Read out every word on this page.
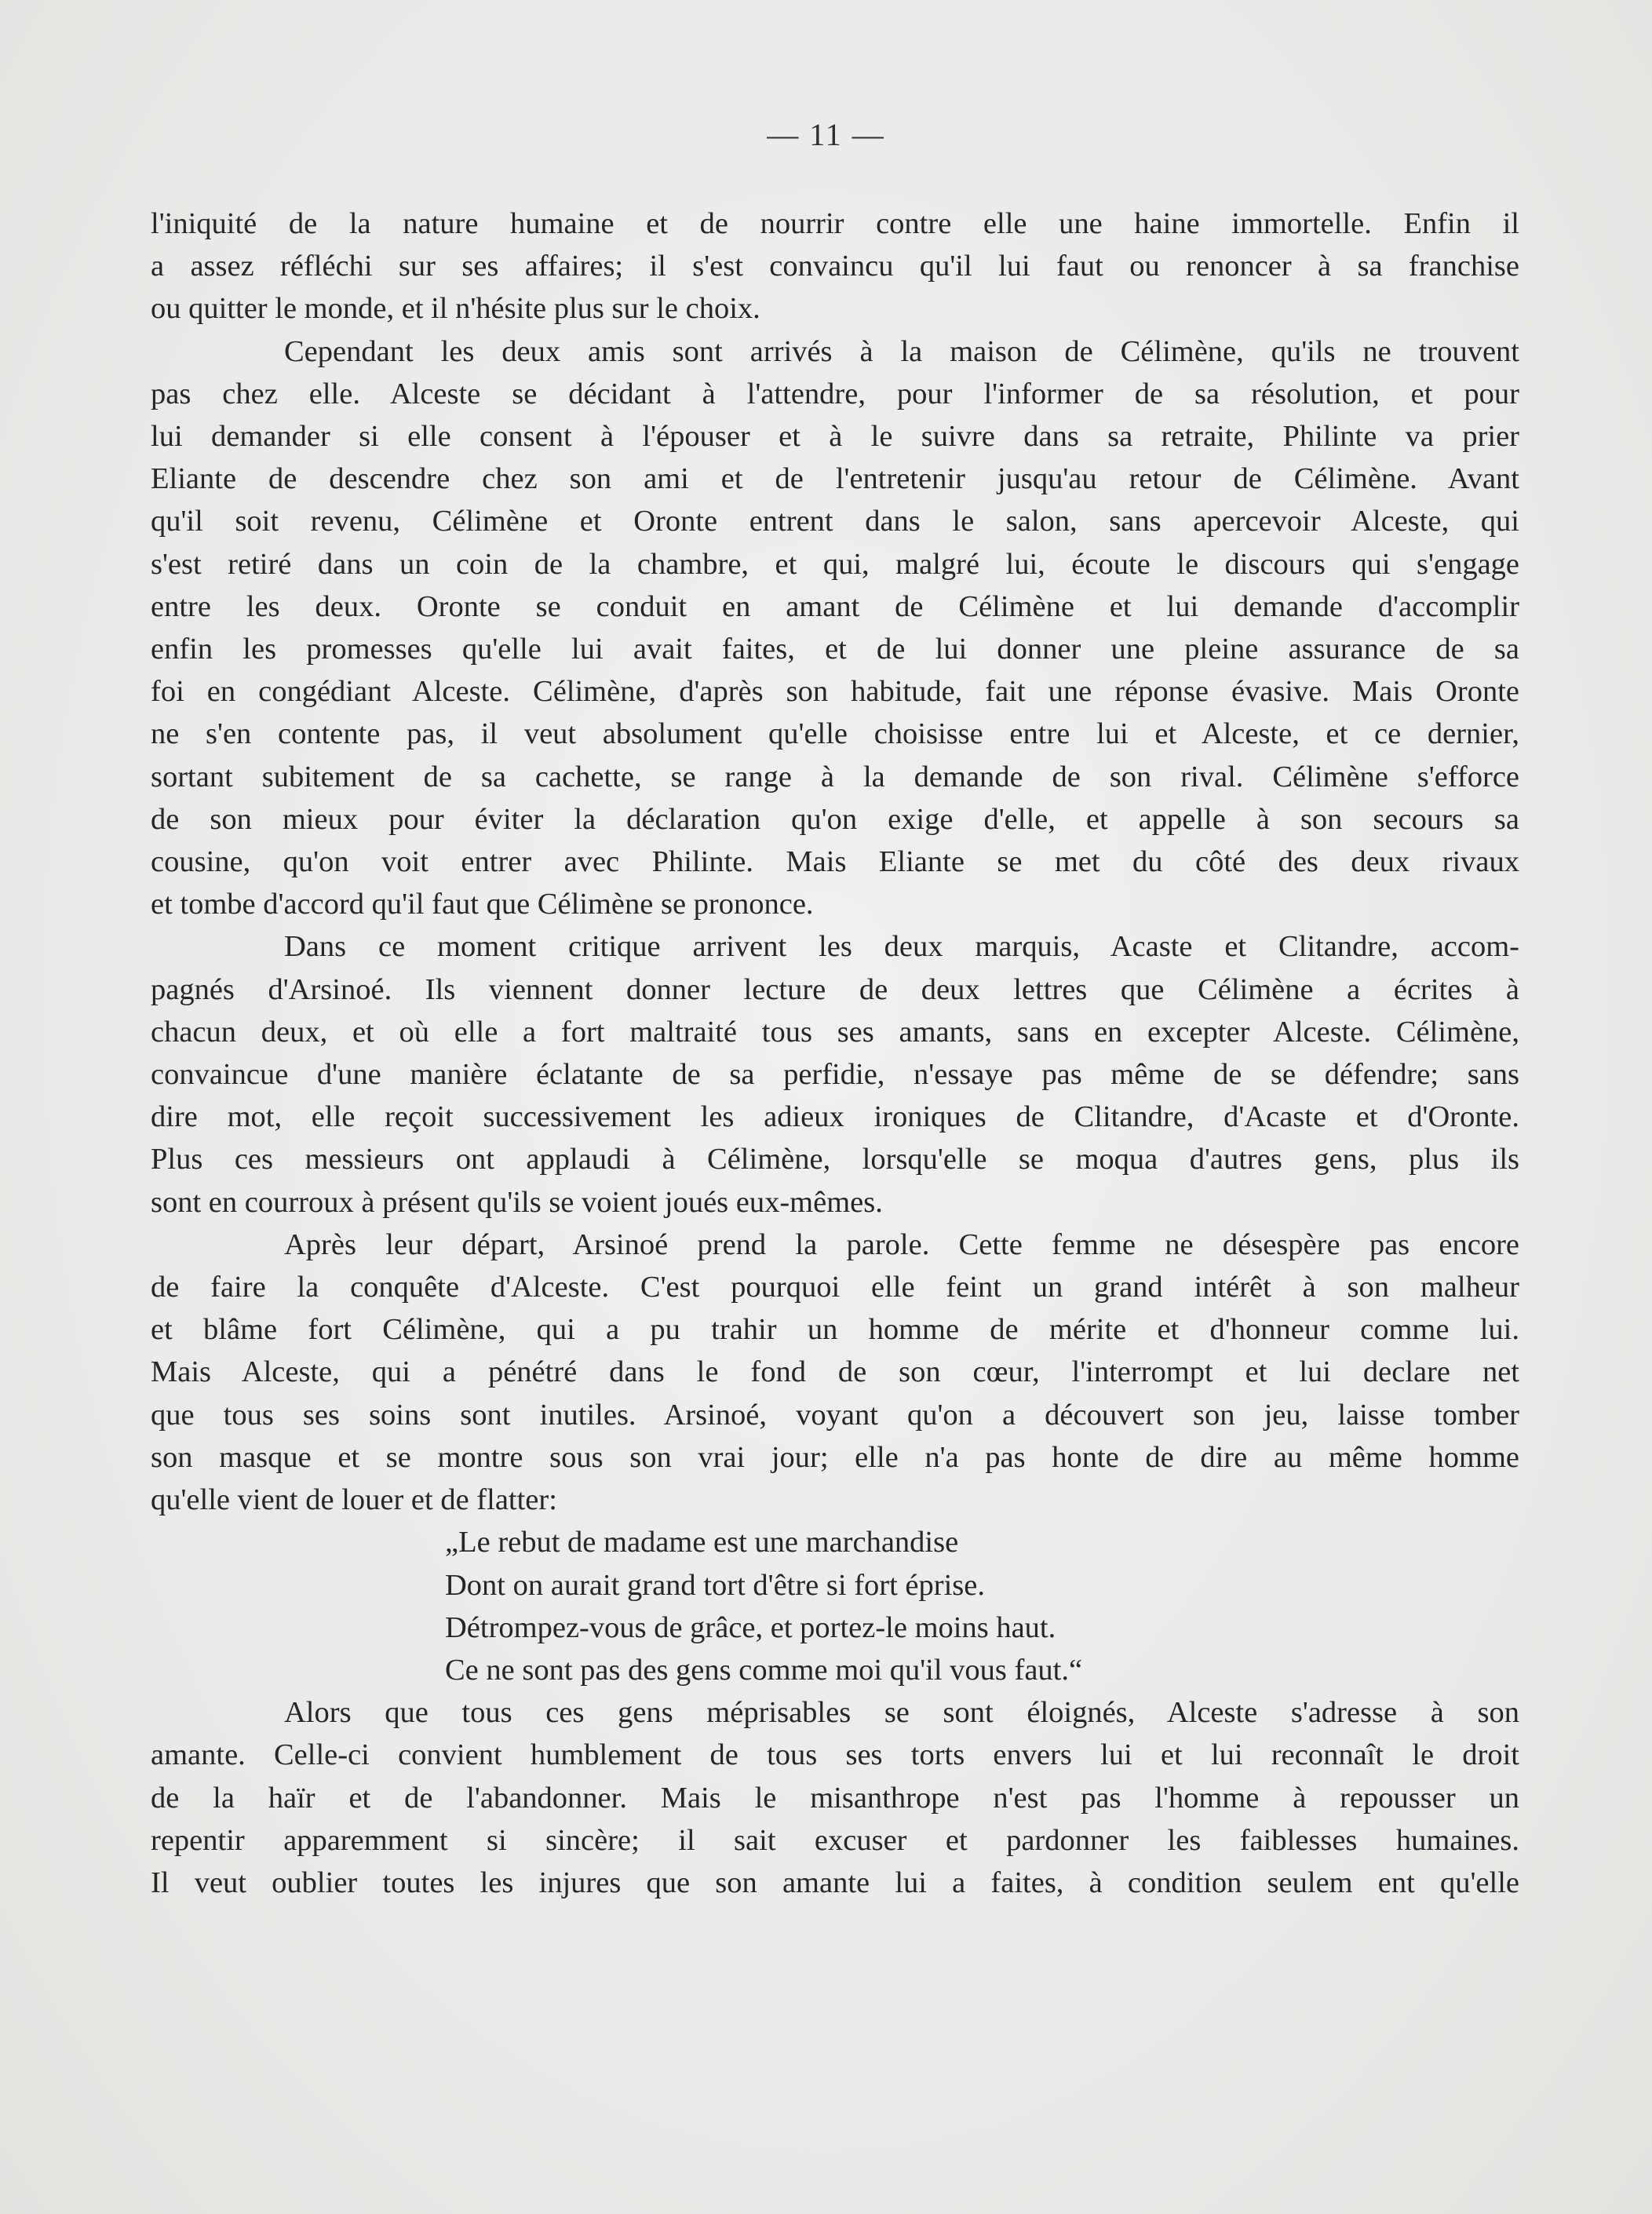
— 11 —
l'iniquité de la nature humaine et de nourrir contre elle une haine immortelle. Enfin il
a assez réfléchi sur ses affaires; il s'est convaincu qu'il lui faut ou renoncer à sa franchise
ou quitter le monde, et il n'hésite plus sur le choix.
Cependant les deux amis sont arrivés à la maison de Célimène, qu'ils ne trouvent
pas chez elle. Alceste se décidant à l'attendre, pour l'informer de sa résolution, et pour
lui demander si elle consent à l'épouser et à le suivre dans sa retraite, Philinte va prier
Eliante de descendre chez son ami et de l'entretenir jusqu'au retour de Célimène. Avant
qu'il soit revenu, Célimène et Oronte entrent dans le salon, sans apercevoir Alceste, qui
s'est retiré dans un coin de la chambre, et qui, malgré lui, écoute le discours qui s'engage
entre les deux. Oronte se conduit en amant de Célimène et lui demande d'accomplir
enfin les promesses qu'elle lui avait faites, et de lui donner une pleine assurance de sa
foi en congédiant Alceste. Célimène, d'après son habitude, fait une réponse évasive. Mais Oronte
ne s'en contente pas, il veut absolument qu'elle choisisse entre lui et Alceste, et ce dernier,
sortant subitement de sa cachette, se range à la demande de son rival. Célimène s'efforce
de son mieux pour éviter la déclaration qu'on exige d'elle, et appelle à son secours sa
cousine, qu'on voit entrer avec Philinte. Mais Eliante se met du côté des deux rivaux
et tombe d'accord qu'il faut que Célimène se prononce.
Dans ce moment critique arrivent les deux marquis, Acaste et Clitandre, accom-
pagnés d'Arsinoé. Ils viennent donner lecture de deux lettres que Célimène a écrites à
chacun deux, et où elle a fort maltraité tous ses amants, sans en excepter Alceste. Célimène,
convaincue d'une manière éclatante de sa perfidie, n'essaye pas même de se défendre; sans
dire mot, elle reçoit successivement les adieux ironiques de Clitandre, d'Acaste et d'Oronte.
Plus ces messieurs ont applaudi à Célimène, lorsqu'elle se moqua d'autres gens, plus ils
sont en courroux à présent qu'ils se voient joués eux-mêmes.
Après leur départ, Arsinoé prend la parole. Cette femme ne désespère pas encore
de faire la conquête d'Alceste. C'est pourquoi elle feint un grand intérêt à son malheur
et blâme fort Célimène, qui a pu trahir un homme de mérite et d'honneur comme lui.
Mais Alceste, qui a pénétré dans le fond de son cœur, l'interrompt et lui declare net
que tous ses soins sont inutiles. Arsinoé, voyant qu'on a découvert son jeu, laisse tomber
son masque et se montre sous son vrai jour; elle n'a pas honte de dire au même homme
qu'elle vient de louer et de flatter:
„Le rebut de madame est une marchandise
Dont on aurait grand tort d'être si fort éprise.
Détrompez-vous de grâce, et portez-le moins haut.
Ce ne sont pas des gens comme moi qu'il vous faut.“
Alors que tous ces gens méprisables se sont éloignés, Alceste s'adresse à son
amante. Celle-ci convient humblement de tous ses torts envers lui et lui reconnaît le droit
de la haïr et de l'abandonner. Mais le misanthrope n'est pas l'homme à repousser un
repentir apparemment si sincère; il sait excuser et pardonner les faiblesses humaines.
Il veut oublier toutes les injures que son amante lui a faites, à condition seulem ent qu'elle
